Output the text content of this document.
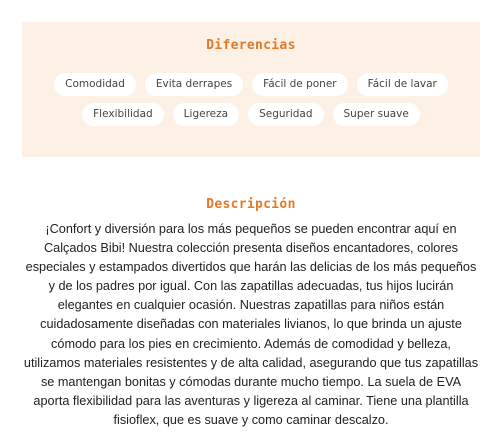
Diferencias
Comodidad	Evita derrapes	Fácil de poner	Fácil de lavar
Flexibilidad	Ligereza	Seguridad	Super suave
Descripción

¡Confort y diversión para los más pequeños se pueden encontrar aquí en Calçados Bibi! Nuestra colección presenta diseños encantadores, colores especiales y estampados divertidos que harán las delicias de los más pequeños y de los padres por igual. Con las zapatillas adecuadas, tus hijos lucirán elegantes en cualquier ocasión. Nuestras zapatillas para niños están cuidadosamente diseñadas con materiales livianos, lo que brinda un ajuste cómodo para los pies en crecimiento. Además de comodidad y belleza, utilizamos materiales resistentes y de alta calidad, asegurando que tus zapatillas se mantengan bonitas y cómodas durante mucho tiempo. La suela de EVA aporta flexibilidad para las aventuras y ligereza al caminar. Tiene una plantilla fisioflex, que es suave y como caminar descalzo.
